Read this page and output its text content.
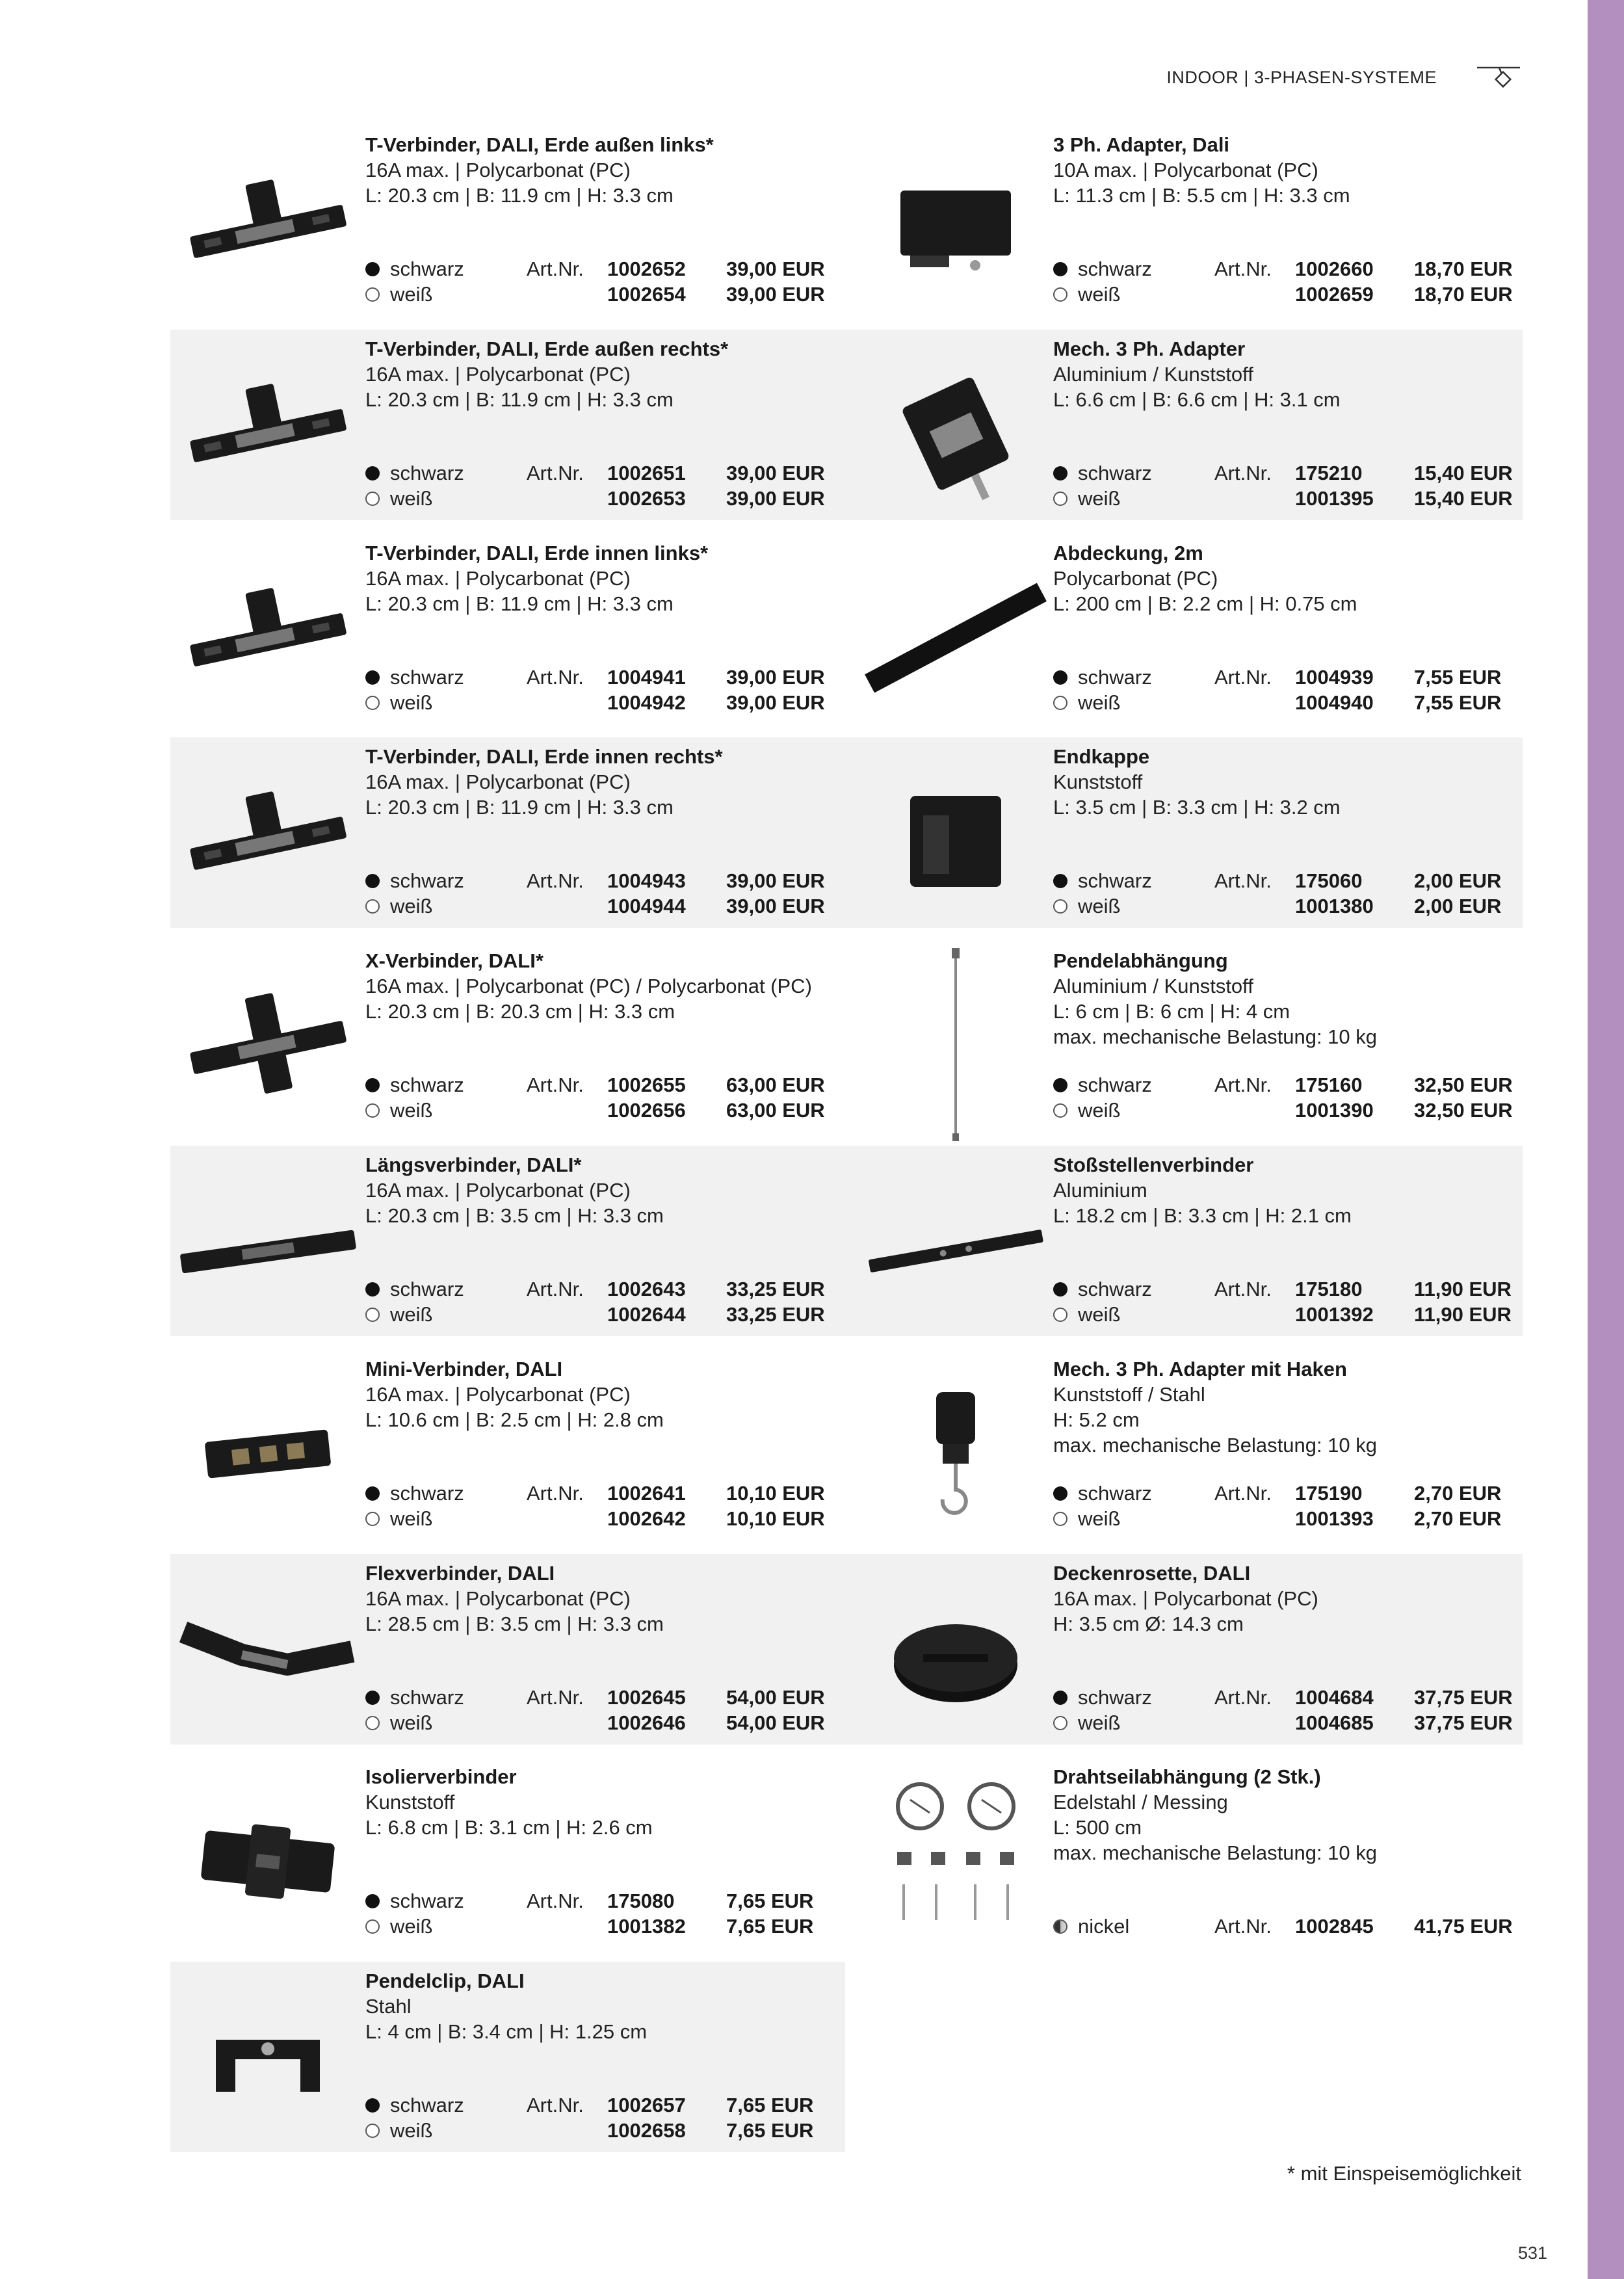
INDOOR | 3-PHASEN-SYSTEME
T-Verbinder, DALI, Erde außen links*
16A max. | Polycarbonat (PC)
L: 20.3 cm | B: 11.9 cm | H: 3.3 cm
schwarz	Art.Nr. 1002652 39,00 EUR
weiß	1002654 39,00 EUR
T-Verbinder, DALI, Erde außen rechts*
16A max. | Polycarbonat (PC)
L: 20.3 cm | B: 11.9 cm | H: 3.3 cm
schwarz	Art.Nr. 1002651 39,00 EUR
weiß	1002653 39,00 EUR
T-Verbinder, DALI, Erde innen links*
16A max. | Polycarbonat (PC)
L: 20.3 cm | B: 11.9 cm | H: 3.3 cm
schwarz	Art.Nr. 1004941 39,00 EUR
weiß	1004942 39,00 EUR
T-Verbinder, DALI, Erde innen rechts*
16A max. | Polycarbonat (PC)
L: 20.3 cm | B: 11.9 cm | H: 3.3 cm
schwarz	Art.Nr. 1004943 39,00 EUR
weiß	1004944 39,00 EUR
X-Verbinder, DALI*
16A max. | Polycarbonat (PC) / Polycarbonat (PC)
L: 20.3 cm | B: 20.3 cm | H: 3.3 cm
schwarz	Art.Nr. 1002655 63,00 EUR
weiß	1002656 63,00 EUR
Längsverbinder, DALI*
16A max. | Polycarbonat (PC)
L: 20.3 cm | B: 3.5 cm | H: 3.3 cm
schwarz	Art.Nr. 1002643 33,25 EUR
weiß	1002644 33,25 EUR
Mini-Verbinder, DALI
16A max. | Polycarbonat (PC)
L: 10.6 cm | B: 2.5 cm | H: 2.8 cm
schwarz	Art.Nr. 1002641 10,10 EUR
weiß	1002642 10,10 EUR
Flexverbinder, DALI
16A max. | Polycarbonat (PC)
L: 28.5 cm | B: 3.5 cm | H: 3.3 cm
schwarz	Art.Nr. 1002645 54,00 EUR
weiß	1002646 54,00 EUR
Isolierverbinder
Kunststoff
L: 6.8 cm | B: 3.1 cm | H: 2.6 cm
schwarz	Art.Nr. 175080	7,65 EUR
weiß	1001382 7,65 EUR
Pendelclip, DALI
Stahl
L: 4 cm | B: 3.4 cm | H: 1.25 cm
schwarz	Art.Nr. 1002657 7,65 EUR
weiß	1002658 7,65 EUR
3 Ph. Adapter, Dali
10A max. | Polycarbonat (PC)
L: 11.3 cm | B: 5.5 cm | H: 3.3 cm
schwarz	Art.Nr. 1002660 18,70 EUR
weiß	1002659 18,70 EUR
Mech. 3 Ph. Adapter
Aluminium / Kunststoff
L: 6.6 cm | B: 6.6 cm | H: 3.1 cm
schwarz	Art.Nr. 175210	15,40 EUR
weiß	1001395 15,40 EUR
Abdeckung, 2m
Polycarbonat (PC)
L: 200 cm | B: 2.2 cm | H: 0.75 cm
schwarz	Art.Nr. 1004939 7,55 EUR
weiß	1004940 7,55 EUR
Endkappe
Kunststoff
L: 3.5 cm | B: 3.3 cm | H: 3.2 cm
schwarz	Art.Nr. 175060	2,00 EUR
weiß	1001380 2,00 EUR
Pendelabhängung
Aluminium / Kunststoff
L: 6 cm | B: 6 cm | H: 4 cm
max. mechanische Belastung: 10 kg
schwarz	Art.Nr. 175160	32,50 EUR
weiß	1001390 32,50 EUR
Stoßstellenverbinder
Aluminium
L: 18.2 cm | B: 3.3 cm | H: 2.1 cm
schwarz	Art.Nr. 175180	11,90 EUR
weiß	1001392 11,90 EUR
Mech. 3 Ph. Adapter mit Haken
Kunststoff / Stahl
H: 5.2 cm
max. mechanische Belastung: 10 kg
schwarz	Art.Nr. 175190	2,70 EUR
weiß	1001393 2,70 EUR
Deckenrosette, DALI
16A max. | Polycarbonat (PC)
H: 3.5 cm Ø: 14.3 cm
schwarz	Art.Nr. 1004684 37,75 EUR
weiß	1004685 37,75 EUR
Drahtseilabhängung (2 Stk.)
Edelstahl / Messing
L: 500 cm
max. mechanische Belastung: 10 kg
nickel	Art.Nr. 1002845 41,75 EUR
* mit Einspeisemöglichkeit
531
